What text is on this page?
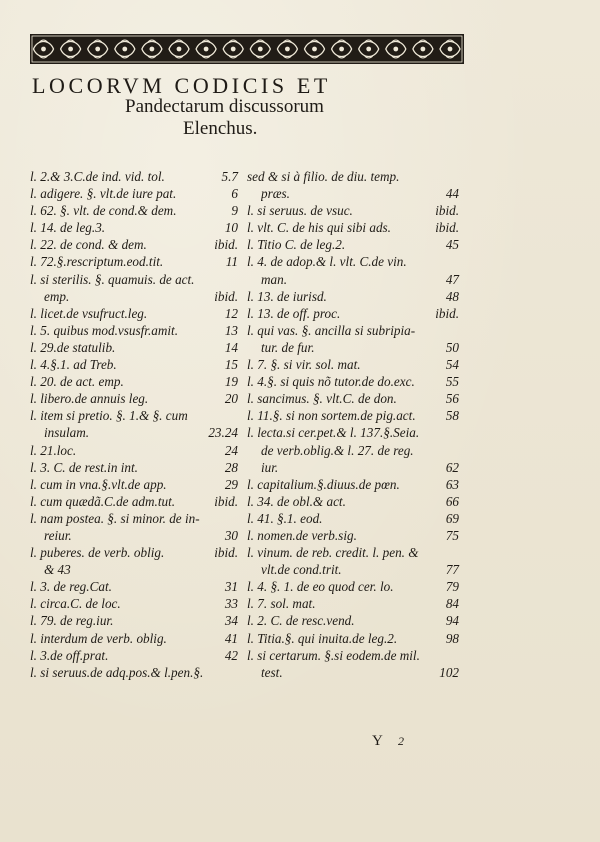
LOCORVM CODICIS ET
Pandectarum discussorum
Elenchus.
l. 2.& 3.C.de ind. vid. tol.	5.7
l. adigere. §. vlt.de iure pat.	6
l. 62. §. vlt. de cond.& dem.	9
l. 14. de leg.3.	10
l. 22. de cond. & dem.	ibid.
l. 72.§.rescriptum.eod.tit.	11
l. si sterilis. §. quamuis. de act.
emp.	ibid.
l. licet.de vsufruct.leg.	12
l. 5. quibus mod.vsusfr.amit.	13
l. 29.de statulib.	14
l. 4.§.1. ad Treb.	15
l. 20. de act. emp.	19
l. libero.de annuis leg.	20
l. item si pretio. §. 1.& §. cum
insulam.	23.24
l. 21.loc.	24
l. 3. C. de rest.in int.	28
l. cum in vna.§.vlt.de app.	29
l. cum quædã.C.de adm.tut.	ibid.
l. nam postea. §. si minor. de in-
reiur.	30
l. puberes. de verb. oblig.	ibid.
& 43
l. 3. de reg.Cat.	31
l. circa.C. de loc.	33
l. 79. de reg.iur.	34
l. interdum de verb. oblig.	41
l. 3.de off.prat.	42
l. si seruus.de adq.pos.& l.pen.§.
sed & si à filio. de diu. temp.
præs.	44
l. si seruus. de vsuc.	ibid.
l. vlt. C. de his qui sibi ads.	ibid.
l. Titio C. de leg.2.	45
l. 4. de adop.& l. vlt. C.de vin.
man.	47
l. 13. de iurisd.	48
l. 13. de off. proc.	ibid.
l. qui vas. §. ancilla si subripia-
tur. de fur.	50
l. 7. §. si vir. sol. mat.	54
l. 4.§. si quis nõ tutor.de do.exc.	55
l. sancimus. §. vlt.C. de don.	56
l. 11.§. si non sortem.de pig.act.	58
l. lecta.si cer.pet.& l. 137.§.Seia.
de verb.oblig.& l. 27. de reg.
iur.	62
l. capitalium.§.diuus.de pœn.	63
l. 34. de obl.& act.	66
l. 41. §.1. eod.	69
l. nomen.de verb.sig.	75
l. vinum. de reb. credit. l. pen. &
vlt.de cond.trit.	77
l. 4. §. 1. de eo quod cer. lo.	79
l. 7. sol. mat.	84
l. 2. C. de resc.vend.	94
l. Titia.§. qui inuita.de leg.2.	98
l. si certarum. §.si eodem.de mil.
test.	102
Y 2
